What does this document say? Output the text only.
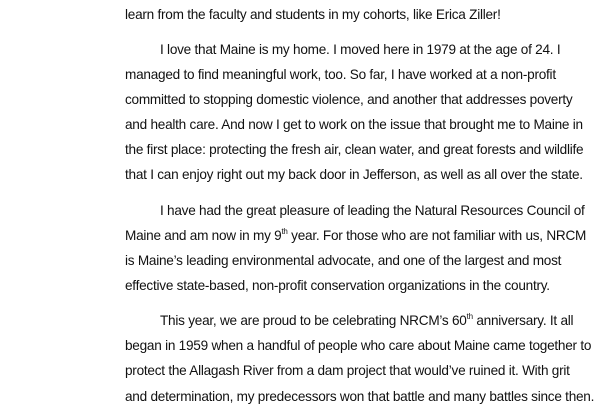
learn from the faculty and students in my cohorts, like Erica Ziller!
I love that Maine is my home. I moved here in 1979 at the age of 24. I
managed to find meaningful work, too. So far, I have worked at a non-profit
committed to stopping domestic violence, and another that addresses poverty
and health care. And now I get to work on the issue that brought me to Maine in
the first place: protecting the fresh air, clean water, and great forests and wildlife
that I can enjoy right out my back door in Jefferson, as well as all over the state.
I have had the great pleasure of leading the Natural Resources Council of
Maine and am now in my 9th year. For those who are not familiar with us, NRCM
is Maine’s leading environmental advocate, and one of the largest and most
effective state-based, non-profit conservation organizations in the country.
This year, we are proud to be celebrating NRCM’s 60th anniversary. It all
began in 1959 when a handful of people who care about Maine came together to
protect the Allagash River from a dam project that would’ve ruined it. With grit
and determination, my predecessors won that battle and many battles since then.
